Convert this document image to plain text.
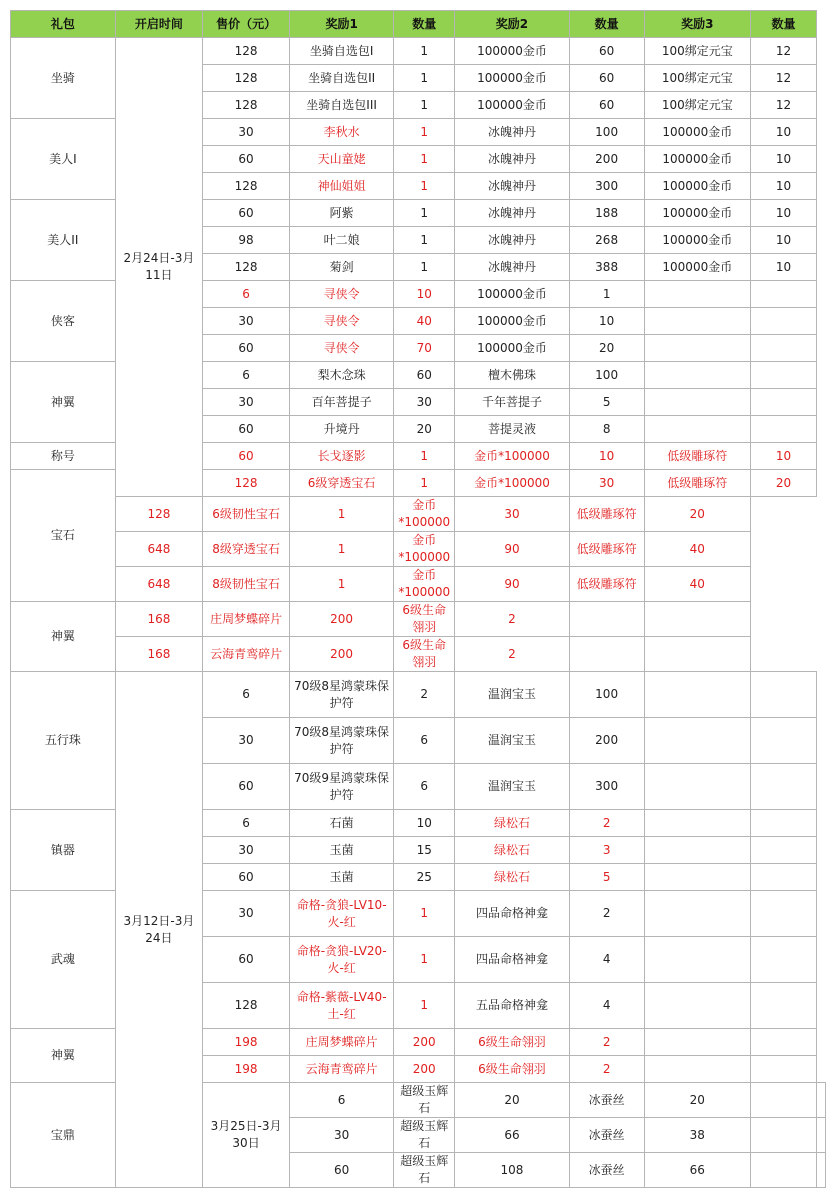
礼包	开启时间	售价（元）	奖励1	数量	奖励2	数量	奖励3	数量	
坐骑	2月24日-3月11日	128	坐骑自选包I	1	100000金币	60	100绑定元宝	12	
		128	坐骑自选包II	1	100000金币	60	100绑定元宝	12	
		128	坐骑自选包III	1	100000金币	60	100绑定元宝	12	
美人I		30	李秋水	1	冰魄神丹	100	100000金币	10	
		60	天山童姥	1	冰魄神丹	200	100000金币	10	
		128	神仙姐姐	1	冰魄神丹	300	100000金币	10	
美人II		60	阿紫	1	冰魄神丹	188	100000金币	10	
		98	叶二娘	1	冰魄神丹	268	100000金币	10	
		128	菊剑	1	冰魄神丹	388	100000金币	10	
侠客		6	寻侠令	10	100000金币	1			
		30	寻侠令	40	100000金币	10			
		60	寻侠令	70	100000金币	20			
神翼		6	梨木念珠	60	檀木佛珠	100			
		30	百年菩提子	30	千年菩提子	5			
		60	升境丹	20	菩提灵液	8			
称号		60	长戈逐影	1	金币*100000	10	低级雕琢符	10	
宝石		128	6级穿透宝石	1	金币*100000	30	低级雕琢符	20	
	128	6级韧性宝石	1	金币*100000	30	低级雕琢符	20		
	648	8级穿透宝石	1	金币*100000	90	低级雕琢符	40		
	648	8级韧性宝石	1	金币*100000	90	低级雕琢符	40		
神翼	168	庄周梦蝶碎片	200	6级生命翎羽	2				
	168	云海青鸾碎片	200	6级生命翎羽	2				
五行珠	3月12日-3月24日	6	70级8星鸿蒙珠保护符	2	温润宝玉	100			
		30	70级8星鸿蒙珠保护符	6	温润宝玉	200			
		60	70级9星鸿蒙珠保护符	6	温润宝玉	300			
镇器		6	石菌	10	绿松石	2			
		30	玉菌	15	绿松石	3			
		60	玉菌	25	绿松石	5			
武魂		30	命格-贪狼-LV10-火-红	1	四品命格神龛	2			
		60	命格-贪狼-LV20-火-红	1	四品命格神龛	4			
		128	命格-紫薇-LV40-土-红	1	五品命格神龛	4			
神翼		198	庄周梦蝶碎片	200	6级生命翎羽	2			
		198	云海青鸾碎片	200	6级生命翎羽	2			
宝鼎		3月25日-3月30日	6	超级玉辉石	20	冰蚕丝	20		
			30	超级玉辉石	66	冰蚕丝	38		
			60	超级玉辉石	108	冰蚕丝	66		
